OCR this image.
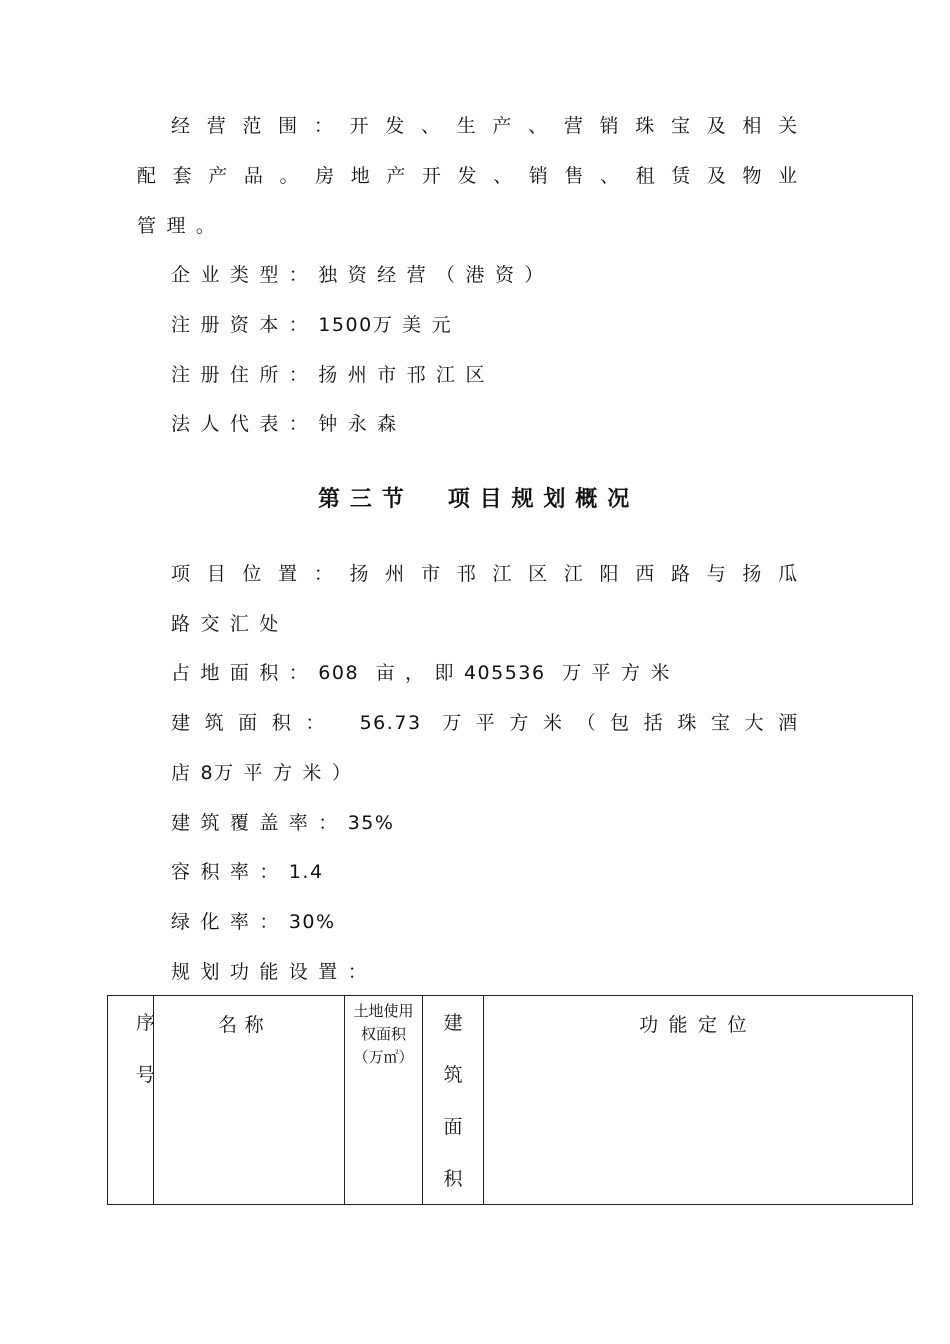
经营范围：开发、生产、营销珠宝及相关
配套产品。房地产开发、销售、租赁及物业
管理。
企业类型：独资经营（港资）
注册资本：1500万美元
注册住所：扬州市邗江区
法人代表：钟永森
第三节 项目规划概况
项目位置：扬州市邗江区江阳西路与扬瓜
路交汇处
占地面积：608 亩，即405536 万平方米
建筑面积： 56.73 万平方米（包括珠宝大酒
店8万平方米）
建筑覆盖率：35%
容积率：1.4
绿化率：30%
规划功能设置：
序
号

名称

土地使用权面积（万㎡）

建
筑
面
积

功能定位
